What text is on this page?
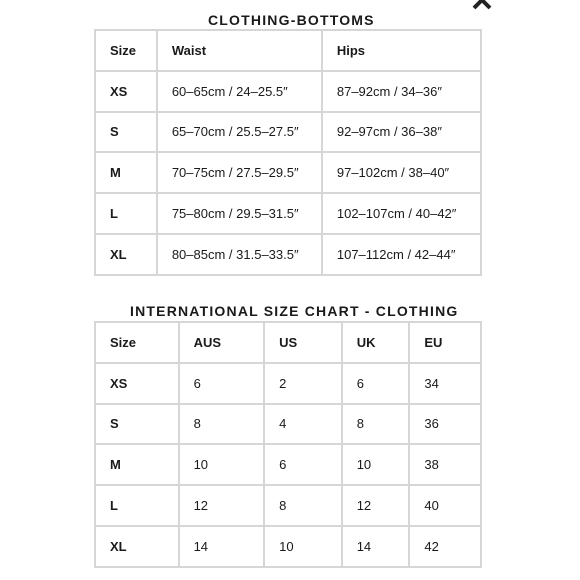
CLOTHING-BOTTOMS
Size	Waist	Hips
XS	60–65cm / 24–25.5″	87–92cm / 34–36″
S	65–70cm / 25.5–27.5″	92–97cm / 36–38″
M	70–75cm / 27.5–29.5″	97–102cm / 38–40″
L	75–80cm / 29.5–31.5″	102–107cm / 40–42″
XL	80–85cm / 31.5–33.5″	107–112cm / 42–44″
INTERNATIONAL SIZE CHART - CLOTHING
Size	AUS	US	UK	EU
XS	6	2	6	34
S	8	4	8	36
M	10	6	10	38
L	12	8	12	40
XL	14	10	14	42
